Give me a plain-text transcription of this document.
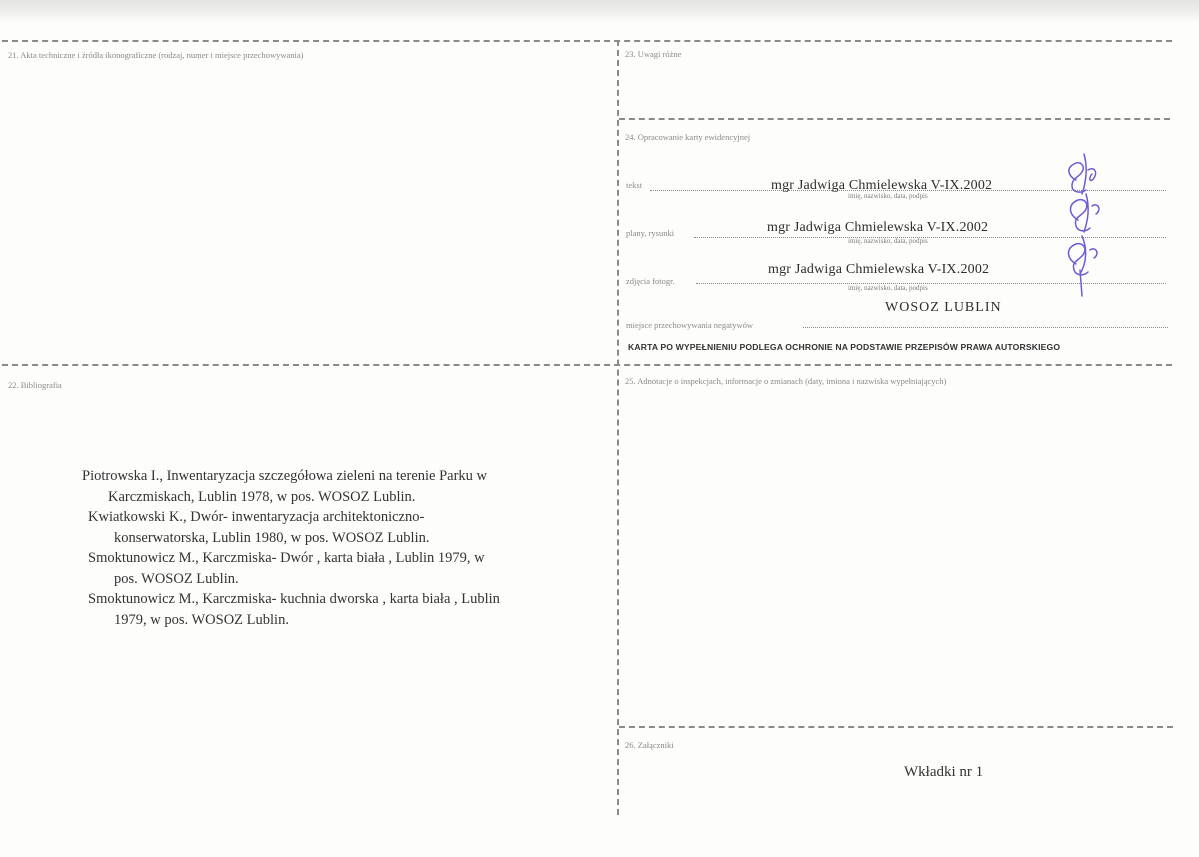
21. Akta techniczne i źródła ikonograficzne (rodzaj, numer i miejsce przechowywania)
22. Bibliografia
23. Uwagi różne
24. Opracowanie karty ewidencyjnej
25. Adnotacje o inspekcjach, informacje o zmianach (daty, imiona i nazwiska wypełniających)
26. Załączniki
tekst	mgr Jadwiga Chmielewska V-IX.2002
imię, nazwisko, data, podpis
plany, rysunki	mgr Jadwiga Chmielewska V-IX.2002
imię, nazwisko, data, podpis
zdjęcia fotogr.
mgr Jadwiga Chmielewska V-IX.2002
imię, nazwisko, data, podpis
miejsce przechowywania negatywów
WOSOZ LUBLIN
KARTA PO WYPEŁNIENIU PODLEGA OCHRONIE NA PODSTAWIE PRZEPISÓW PRAWA AUTORSKIEGO

Piotrowska I., Inwentaryzacja szczegółowa zieleni na terenie Parku w Karczmiskach, Lublin 1978, w pos. WOSOZ Lublin.

Kwiatkowski K., Dwór- inwentaryzacja architektoniczno-konserwatorska, Lublin 1980, w pos. WOSOZ Lublin.

Smoktunowicz M., Karczmiska- Dwór , karta biała , Lublin 1979, w pos. WOSOZ Lublin.

Smoktunowicz M., Karczmiska- kuchnia dworska , karta biała , Lublin 1979, w pos. WOSOZ Lublin.

Wkładki nr 1
